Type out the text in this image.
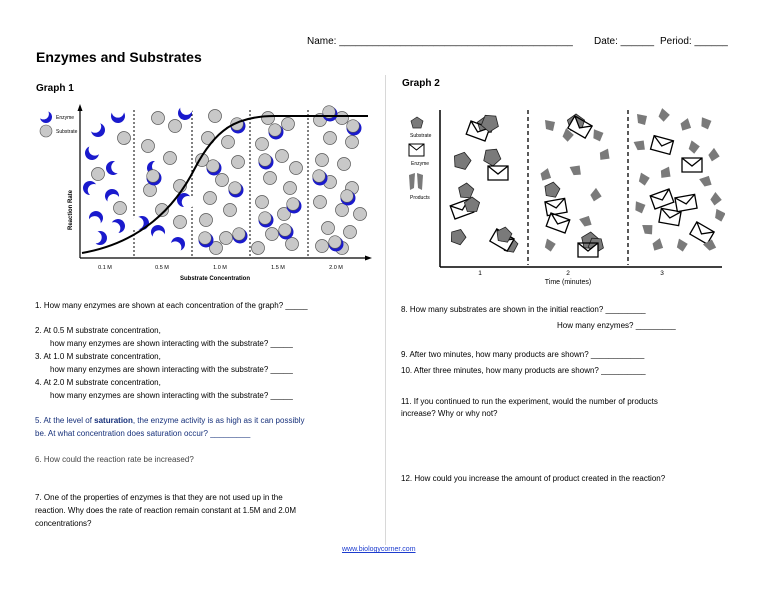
Name: __________________________________________ Date: ______ Period: ______
Enzymes and Substrates
Graph 1
Enzyme
Substrate
Reaction Rate
0.1 M	0.5 M	1.0 M	1.5 M	2.0 M
Substrate Concentration
Graph 2
Substrate
Enzyme
Products
1	2	3
Time (minutes)
1. How many enzymes are shown at each concentration of the graph? _____
2. At 0.5 M substrate concentration,
how many enzymes are shown interacting with the substrate? _____
3. At 1.0 M substrate concentration,
how many enzymes are shown interacting with the substrate? _____
4. At 2.0 M substrate concentration,
how many enzymes are shown interacting with the substrate? _____
5. At the level of saturation, the enzyme activity is as high as it can possibly
be. At what concentration does saturation occur? _________
6. How could the reaction rate be increased?
7. One of the properties of enzymes is that they are not used up in the
reaction. Why does the rate of reaction remain constant at 1.5M and 2.0M
concentrations?
8. How many substrates are shown in the initial reaction? _________
How many enzymes? _________
9. After two minutes, how many products are shown? ____________
10. After three minutes, how many products are shown? __________
11. If you continued to run the experiment, would the number of products
increase? Why or why not?
12. How could you increase the amount of product created in the reaction?
www.biologycorner.com
